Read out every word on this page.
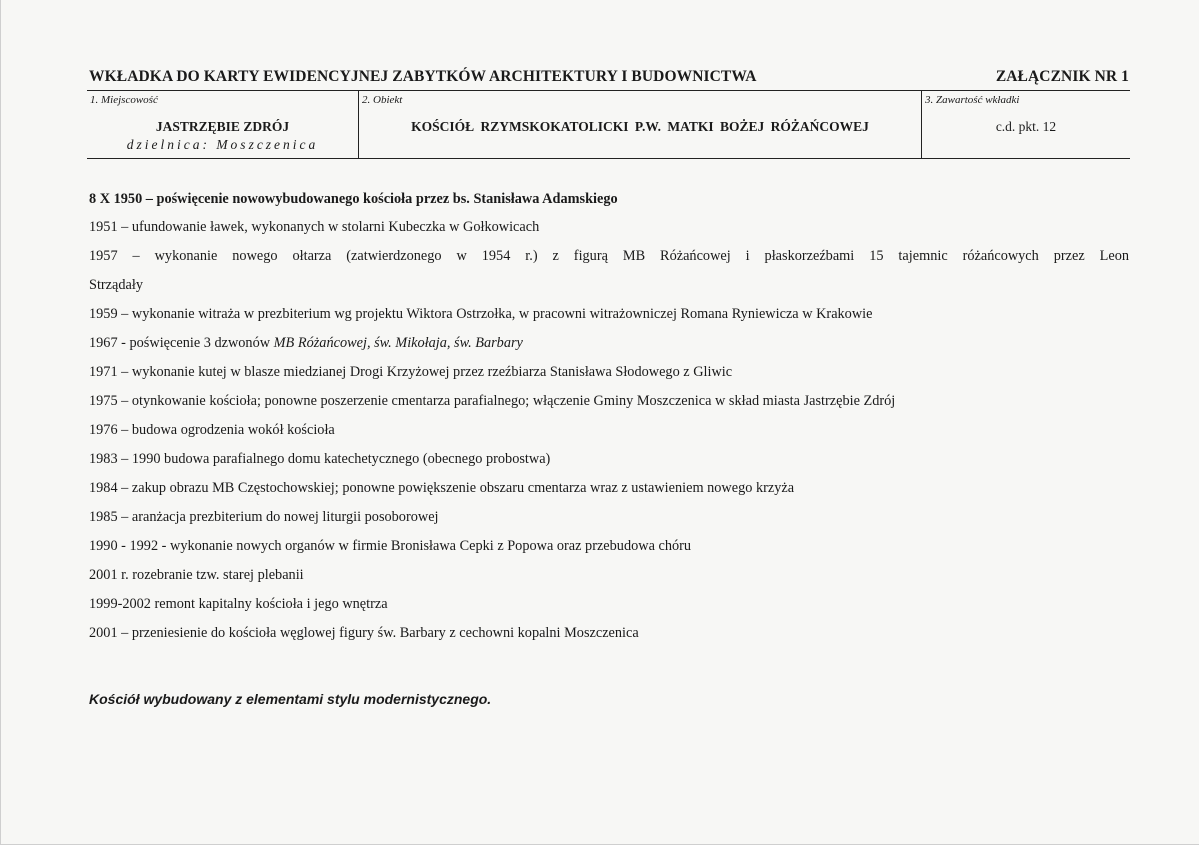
WKŁADKA DO KARTY EWIDENCYJNEJ ZABYTKÓW ARCHITEKTURY I BUDOWNICTWA	ZAŁĄCZNIK NR 1
1. Miejscowość
JASTRZĘBIE ZDRÓJ
dzielnica: Moszczenica
2. Obiekt
KOŚCIÓŁ RZYMSKOKATOLICKI P.W. MATKI BOŻEJ RÓŻAŃCOWEJ
3. Zawartość wkładki
c.d. pkt. 12

8 X 1950 – poświęcenie nowowybudowanego kościoła przez bs. Stanisława Adamskiego

1951 – ufundowanie ławek, wykonanych w stolarni Kubeczka w Gołkowicach

1957 – wykonanie nowego ołtarza (zatwierdzonego w 1954 r.) z figurą MB Różańcowej i płaskorzeźbami 15 tajemnic różańcowych przez Leon

Strządały

1959 – wykonanie witraża w prezbiterium wg projektu Wiktora Ostrzołka, w pracowni witrażowniczej Romana Ryniewicza w Krakowie

1967 - poświęcenie 3 dzwonów MB Różańcowej, św. Mikołaja, św. Barbary

1971 – wykonanie kutej w blasze miedzianej Drogi Krzyżowej przez rzeźbiarza Stanisława Słodowego z Gliwic

1975 – otynkowanie kościoła; ponowne poszerzenie cmentarza parafialnego; włączenie Gminy Moszczenica w skład miasta Jastrzębie Zdrój

1976 – budowa ogrodzenia wokół kościoła

1983 – 1990 budowa parafialnego domu katechetycznego (obecnego probostwa)

1984 – zakup obrazu MB Częstochowskiej; ponowne powiększenie obszaru cmentarza wraz z ustawieniem nowego krzyża

1985 – aranżacja prezbiterium do nowej liturgii posoborowej

1990 - 1992 - wykonanie nowych organów w firmie Bronisława Cepki z Popowa oraz przebudowa chóru

2001 r. rozebranie tzw. starej plebanii

1999-2002 remont kapitalny kościoła i jego wnętrza

2001 – przeniesienie do kościoła węglowej figury św. Barbary z cechowni kopalni Moszczenica

Kościół wybudowany z elementami stylu modernistycznego.
